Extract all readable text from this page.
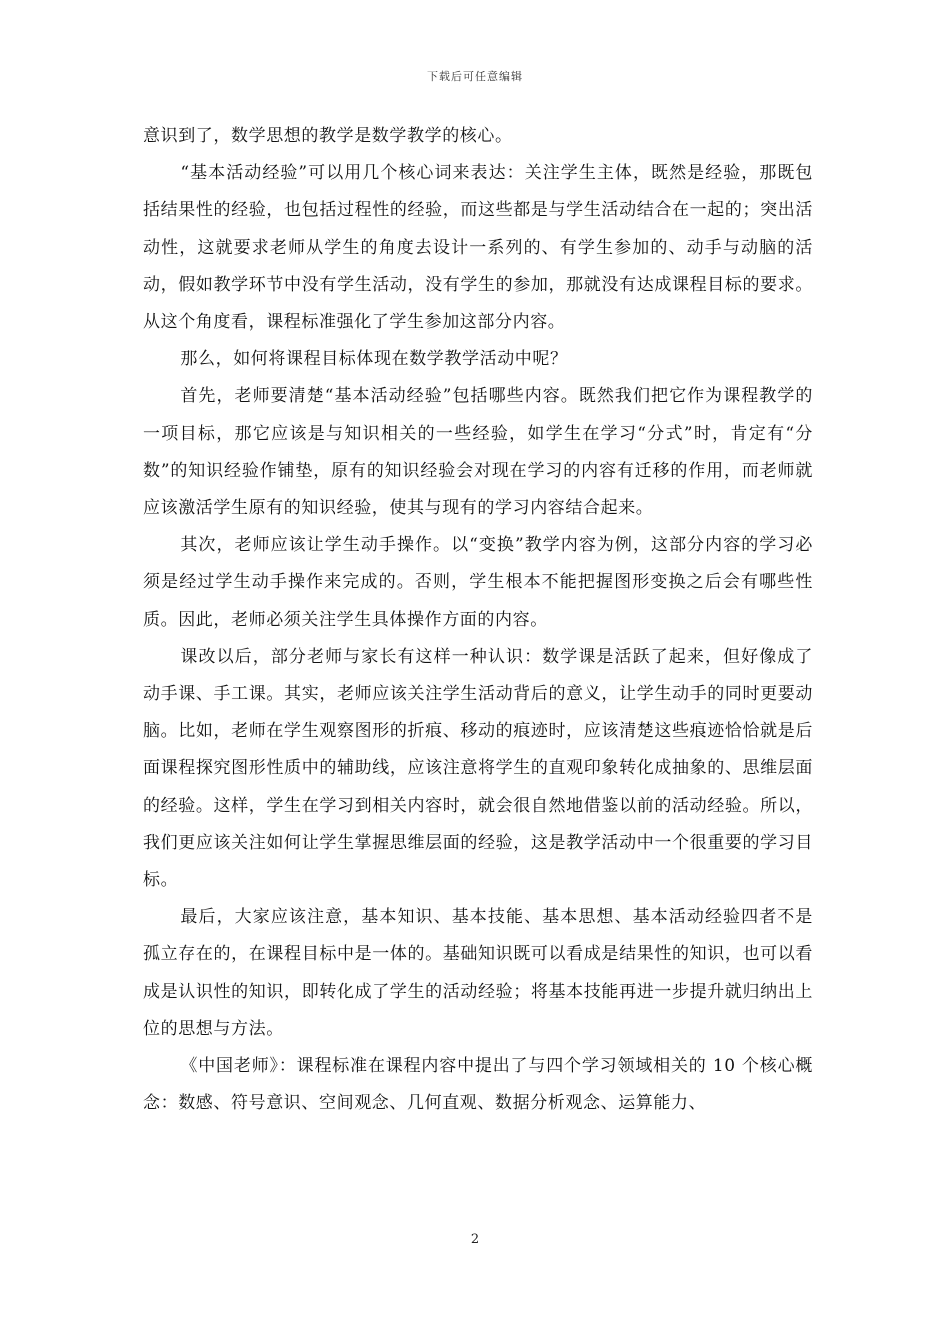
下载后可任意编辑

意识到了，数学思想的教学是数学教学的核心。

“基本活动经验”可以用几个核心词来表达：关注学生主体，既然是经验，那既包括结果性的经验，也包括过程性的经验，而这些都是与学生活动结合在一起的；突出活动性，这就要求老师从学生的角度去设计一系列的、有学生参加的、动手与动脑的活动，假如教学环节中没有学生活动，没有学生的参加，那就没有达成课程目标的要求。从这个角度看，课程标准强化了学生参加这部分内容。

那么，如何将课程目标体现在数学教学活动中呢？

首先，老师要清楚“基本活动经验”包括哪些内容。既然我们把它作为课程教学的一项目标，那它应该是与知识相关的一些经验，如学生在学习“分式”时，肯定有“分数”的知识经验作铺垫，原有的知识经验会对现在学习的内容有迁移的作用，而老师就应该激活学生原有的知识经验，使其与现有的学习内容结合起来。

其次，老师应该让学生动手操作。以“变换”教学内容为例，这部分内容的学习必须是经过学生动手操作来完成的。否则，学生根本不能把握图形变换之后会有哪些性质。因此，老师必须关注学生具体操作方面的内容。

课改以后，部分老师与家长有这样一种认识：数学课是活跃了起来，但好像成了动手课、手工课。其实，老师应该关注学生活动背后的意义，让学生动手的同时更要动脑。比如，老师在学生观察图形的折痕、移动的痕迹时，应该清楚这些痕迹恰恰就是后面课程探究图形性质中的辅助线，应该注意将学生的直观印象转化成抽象的、思维层面的经验。这样，学生在学习到相关内容时，就会很自然地借鉴以前的活动经验。所以，我们更应该关注如何让学生掌握思维层面的经验，这是教学活动中一个很重要的学习目标。

最后，大家应该注意，基本知识、基本技能、基本思想、基本活动经验四者不是孤立存在的，在课程目标中是一体的。基础知识既可以看成是结果性的知识，也可以看成是认识性的知识，即转化成了学生的活动经验；将基本技能再进一步提升就归纳出上位的思想与方法。

《中国老师》：课程标准在课程内容中提出了与四个学习领域相关的 10 个核心概念：数感、符号意识、空间观念、几何直观、数据分析观念、运算能力、

2
